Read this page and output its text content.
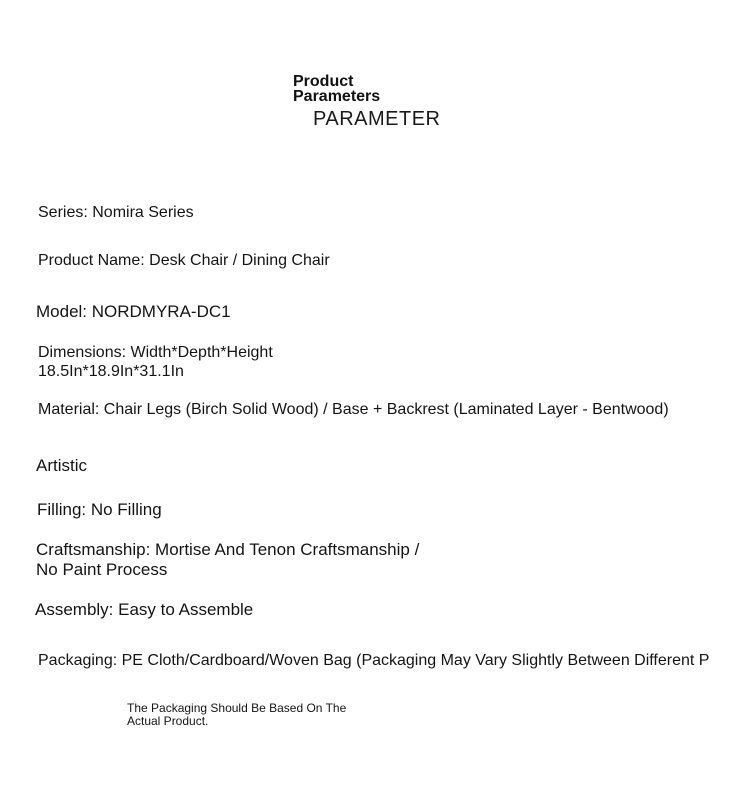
Product
Parameters
PARAMETER
Series: Nomira Series
Product Name: Desk Chair / Dining Chair
Model: NORDMYRA-DC1
Dimensions: Width*Depth*Height
18.5In*18.9In*31.1In
Material: Chair Legs (Birch Solid Wood) / Base + Backrest (Laminated Layer - Bentwood)
Artistic
Filling: No Filling
Craftsmanship: Mortise And Tenon Craftsmanship /
No Paint Process
Assembly: Easy to Assemble
Packaging: PE Cloth/Cardboard/Woven Bag (Packaging May Vary Slightly Between Different P
The Packaging Should Be Based On The
Actual Product.
